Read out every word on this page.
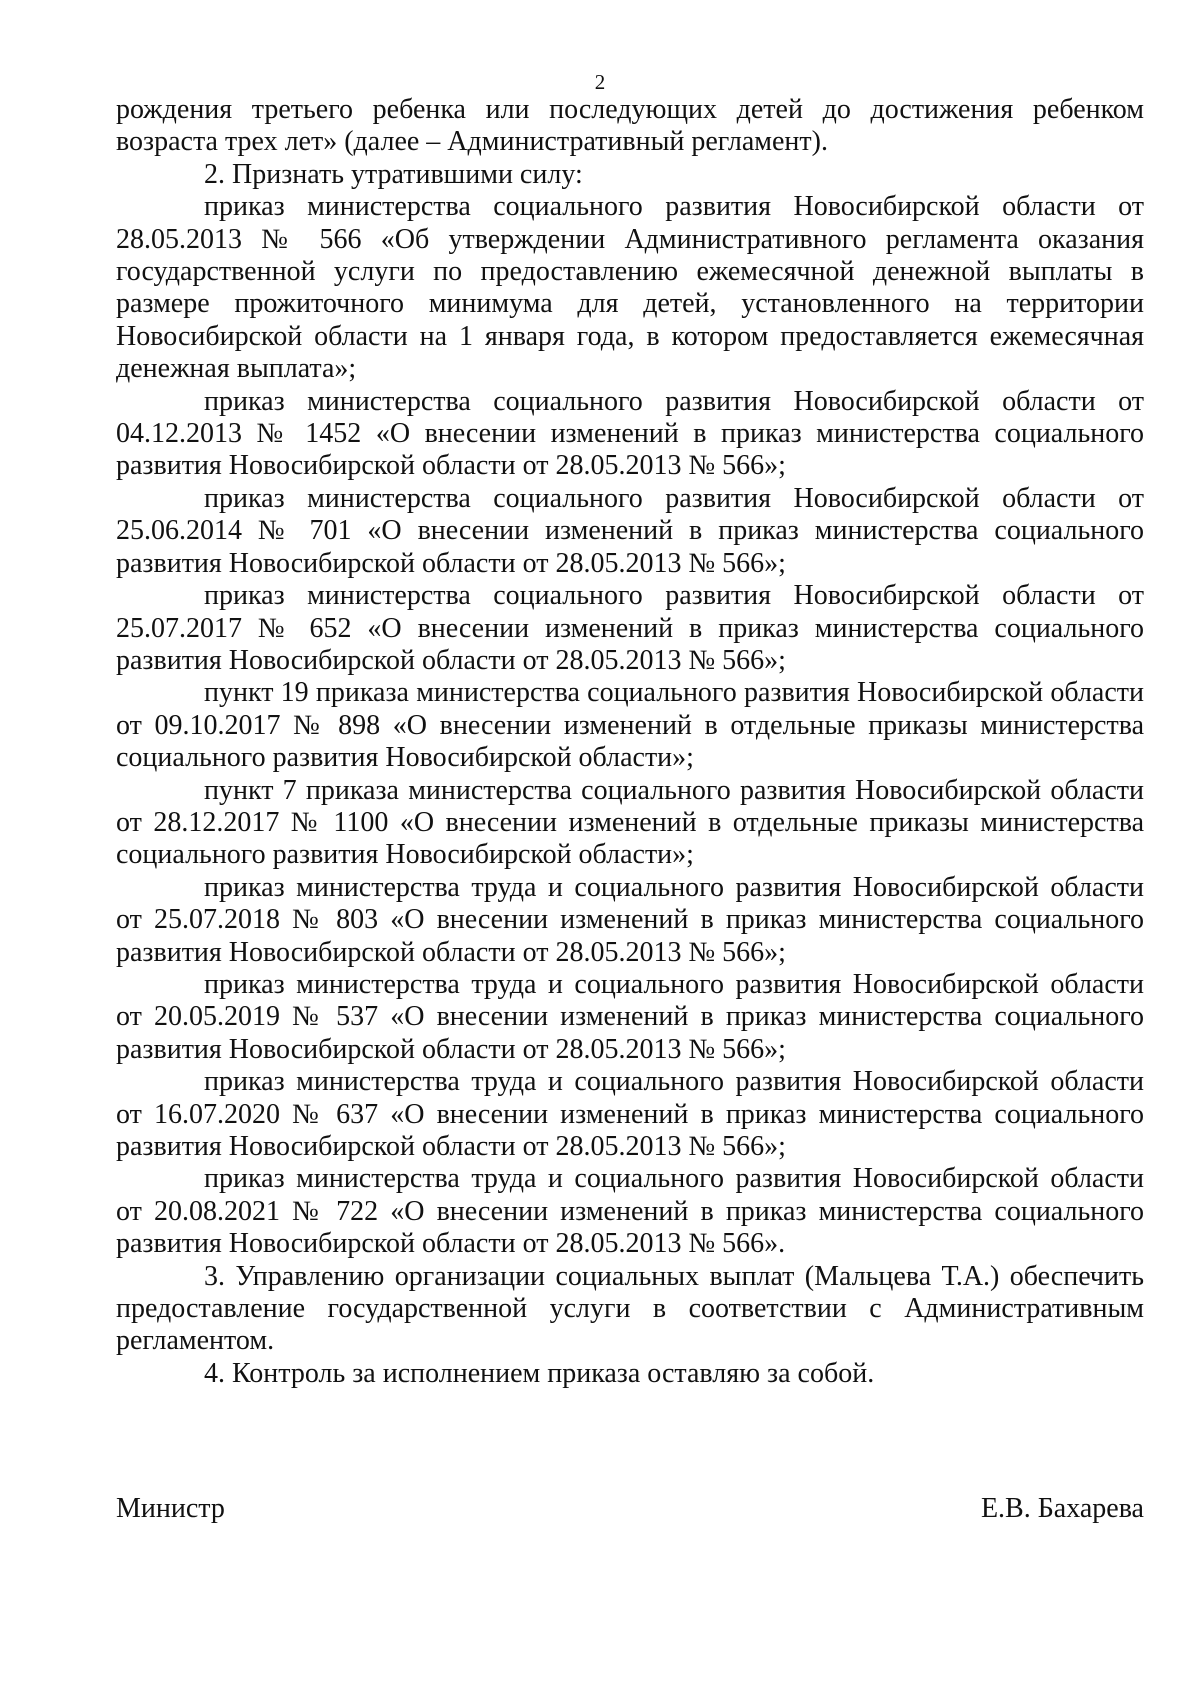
2

рождения третьего ребенка или последующих детей до достижения ребенком возраста трех лет» (далее – Административный регламент).

2. Признать утратившими силу:

приказ министерства социального развития Новосибирской области от 28.05.2013 № 566 «Об утверждении Административного регламента оказания государственной услуги по предоставлению ежемесячной денежной выплаты в размере прожиточного минимума для детей, установленного на территории Новосибирской области на 1 января года, в котором предоставляется ежемесячная денежная выплата»;

приказ министерства социального развития Новосибирской области от 04.12.2013 № 1452 «О внесении изменений в приказ министерства социального развития Новосибирской области от 28.05.2013 № 566»;

приказ министерства социального развития Новосибирской области от 25.06.2014 № 701 «О внесении изменений в приказ министерства социального развития Новосибирской области от 28.05.2013 № 566»;

приказ министерства социального развития Новосибирской области от 25.07.2017 № 652 «О внесении изменений в приказ министерства социального развития Новосибирской области от 28.05.2013 № 566»;

пункт 19 приказа министерства социального развития Новосибирской области от 09.10.2017 № 898 «О внесении изменений в отдельные приказы министерства социального развития Новосибирской области»;

пункт 7 приказа министерства социального развития Новосибирской области от 28.12.2017 № 1100 «О внесении изменений в отдельные приказы министерства социального развития Новосибирской области»;

приказ министерства труда и социального развития Новосибирской области от 25.07.2018 № 803 «О внесении изменений в приказ министерства социального развития Новосибирской области от 28.05.2013 № 566»;

приказ министерства труда и социального развития Новосибирской области от 20.05.2019 № 537 «О внесении изменений в приказ министерства социального развития Новосибирской области от 28.05.2013 № 566»;

приказ министерства труда и социального развития Новосибирской области от 16.07.2020 № 637 «О внесении изменений в приказ министерства социального развития Новосибирской области от 28.05.2013 № 566»;

приказ министерства труда и социального развития Новосибирской области от 20.08.2021 № 722 «О внесении изменений в приказ министерства социального развития Новосибирской области от 28.05.2013 № 566».

3. Управлению организации социальных выплат (Мальцева Т.А.) обеспечить предоставление государственной услуги в соответствии с Административным регламентом.

4. Контроль за исполнением приказа оставляю за собой.

Министр	Е.В. Бахарева
